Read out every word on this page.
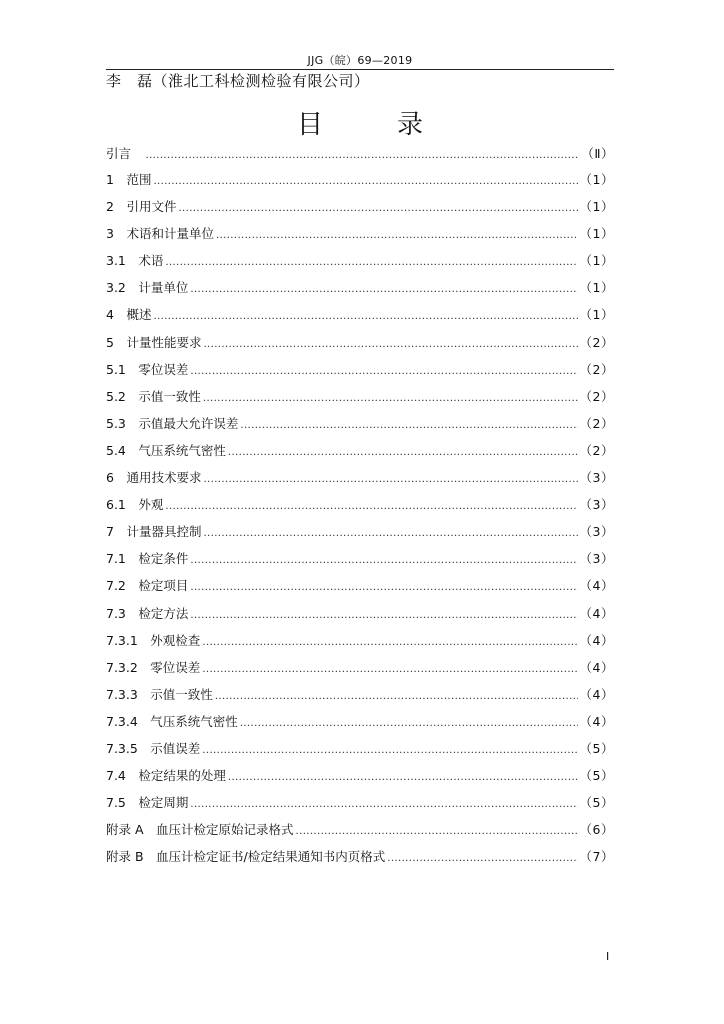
JJG（皖）69—2019
李　磊（淮北工科检测检验有限公司）
目　录
引言　 .....	（Ⅱ）
1　范围 .....	（1）
2　引用文件 .....	（1）
3　术语和计量单位 .....	（1）
3.1　术语 .....	（1）
3.2　计量单位 .....	（1）
4　概述 .....	（1）
5　计量性能要求 .....	（2）
5.1　零位误差 .....	（2）
5.2　示值一致性 .....	（2）
5.3　示值最大允许误差 .....	（2）
5.4　气压系统气密性 .....	（2）
6　通用技术要求 .....	（3）
6.1　外观 .....	（3）
7　计量器具控制 .....	（3）
7.1　检定条件 .....	（3）
7.2　检定项目 .....	（4）
7.3　检定方法 .....	（4）
7.3.1　外观检查 .....	（4）
7.3.2　零位误差 .....	（4）
7.3.3　示值一致性 .....	（4）
7.3.4　气压系统气密性 .....	（4）
7.3.5　示值误差 .....	（5）
7.4　检定结果的处理 .....	（5）
7.5　检定周期 .....	（5）
附录 A　血压计检定原始记录格式 .....	（6）
附录 B　血压计检定证书/检定结果通知书内页格式 .....	（7）
I
